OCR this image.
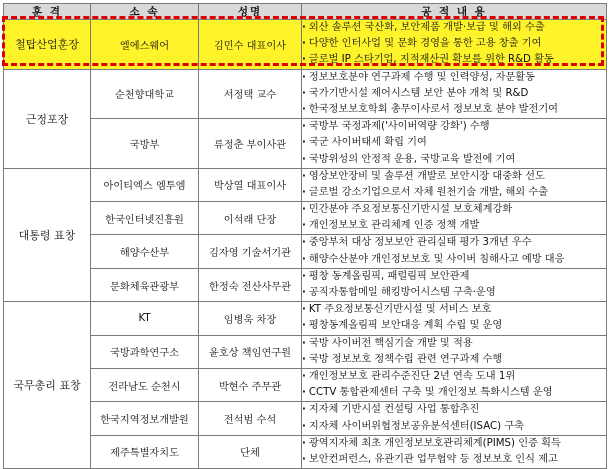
훈 격	소 속	성명	공 적 내 용
철탑산업훈장	엘에스웨어	김민수 대표이사	· 외산 솔루션 국산화, 보안제품 개발·보급 및 해외 수출
· 다양한 인터사업 및 문화 경영을 통한 고용 창출 기여
· 글로벌 IP 스타기업, 지적재산권 확보를 위한 R&D 활동

근정포장	순천향대학교	서정택 교수	· 정보보호분야 연구과제 수행 및 인력양성, 자문활동
· 국가기반시설 제어시스템 보안 분야 개척 및 R&D
· 한국정보보호학회 총무이사로서 정보보호 분야 발전기여

	국방부	류정춘 부이사관	· 국방부 국정과제('사이버역량 강화') 수행
· 국군 사이버태세 확립 기여
· 국방위성의 안정적 운용, 국방교육 발전에 기여

대통령 표창	아이티엑스 엠투엠	박상열 대표이사	· 영상보안장비 및 솔루션 개발로 보안시장 대중화 선도
· 글로벌 강소기업으로서 자체 원천기술 개발, 해외 수출

	한국인터넷진흥원	이석래 단장	· 민간분야 주요정보통신기반시설 보호체계강화
· 개인정보보호 관리체계 인증 정책 개발

	해양수산부	김자영 기술서기관	· 중앙부처 대상 정보보안 관리실태 평가 3개년 우수
· 해양수산분야 개인정보보호 및 사이버 침해사고 예방 대응

	문화체육관광부	한정숙 전산사무관	· 평창 동계올림픽, 패럴림픽 보안관제
· 공직자통합메일 해킹방어시스템 구축·운영

국무총리 표창	KT	임병욱 차장	· KT 주요정보통신기반시설 및 서비스 보호
· 평창동계올림픽 보안대응 계획 수립 및 운영

	국방과학연구소	윤호상 책임연구원	· 국방 사이버전 핵심기술 개발 및 적용
· 국방 정보보호 정책수립 관련 연구과제 수행

	전라남도 순천시	박현수 주무관	· 개인정보보호 관리수준진단 2년 연속 도내 1위
· CCTV 통합관제센터 구축 및 개인정보 특화시스템 운영

	한국지역정보개발원	전석범 수석	· 지자체 기반시설 컨설팅 사업 통합추진
· 지자체 사이버위협정보공유분석센터(ISAC) 구축

	제주특별자치도	단체	· 광역지자체 최초 개인정보보호관리체계(PIMS) 인증 획득
· 보안컨퍼런스, 유관기관 업무협약 등 정보보호 인식 제고
